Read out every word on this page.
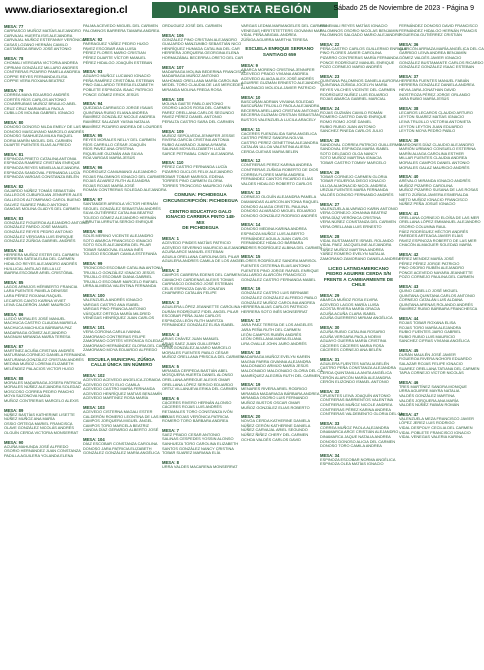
www.diariosextaregion.cl	DIARIO SEXTA REGIÓN	Sábado 25 de Noviembre de 2023 - Página 9
MESA: 77
CARRASCO MUÑOZ MATÍAS ALEJANDRO
CARVAJAL HUERTA ISIS ALEJANDRA
CARVAJAL MUÑOZ ESTEFANNY VERÓNICA
CASAS LOZANO HERNÁN CAMILO
CASTAÑEDA BRAVO JOSÉ ANTONIO
MESA: 78
CHOMALI VERGARA VICTORIA ANDREA
CIPRIANI GONZÁLEZ MILLARO ANDRES
CONTRERAS PIZARRO PAMELA ANDREA
COPPIE REYES FERNANDA ELISA
COPPIE VERA ROXANA BEATRIZ
MESA: 79
CORREA MAYA EDUARDO ANDRÉS
CORTÉS RÍOS CARLOS ANTONIO
COVARRUBIAS MUÑOZ BRAULIO ABEL
CRUZ CRUZ MARIANELA PAOLA
CUBILLOS MOLINA GABRIEL IGNACIO
MESA: 80
DONOSO DONOSO NILDA EMELY DE LAS M
DONOSO MASCAYANO MARCELO ANDRÉS
DONOSO SANHUEZA MILKA RAQUEL
DORIA MARÍN MIGUEL DEL CARMEN
DUARTE PUENTES ELIAS ALFREDO
MESA: 81
ESPINOZA PRIETO CATALINA ANTONIA
ESPINOZA RAMÍREZ CRISTIÁN ENRIQUE
ESPINOZA REYES NEMELIA ALEJANDRA
ESPINOZA SANDOVAL FERNANDA LUCÍA
ESPINOZA VARGAS CONSTANZA BELÉN
MESA: 82
GAJARDO NÚÑEZ TOMÁS SEBASTIÁN
GALLEGOS CUBURGUAN JENNIFER ALES
GALLEGOS ALTOMIRANO CAROL BUENO
GALVEZ SUAREZ PABLO ANTONIO
GANGAS MOLINA GLADYS DEL CARMEN
MESA: 83
GONZÁLEZ FIGUEROA ALEJANDRO ANTONIO
GONZÁLEZ PARDO JOSÉ MANUEL
GONZÁLEZ REYES PEDRO ANTONIO
GONZÁLEZ VERGARA LUIS ENRIQUE
GONZÁLEZ ZÚÑIGA GABRIEL ANDRÉS
MESA: 84
HERRERA MUÑOZ ESTER DEL CARMEN
HERRERA SATEIA ELBA DEL CARMEN
HIDALGO REYES ALEJANDRO ANDRÉS
HUILLICAL ANTILAO BELLA LIZ
IBARRA ESCOBAR ARIEL CRISTÓBAL
MESA: 85
LAGOS ARMIJOS HÉRIBERTO FRANCIA
LARA PUENTES PAMELA DENISSE
LARA PÉREZ ROXANA RAQUEL
LECAROS CANTO KARINA VIVIET
LEIVA CALDERÓN JAIME MAURICIO
MESA: 86
LLEDÓ MORALES JOSÉ MANUEL
MACHUCA CASTRO CLAUDIA MARIELA
MACHUCA MACHUCA BÁRBARA PAZ
MADARIAGA GÓMEZ ALEJANDRO
MAGNUM MIRANDA MARÍA TERESA
MESA: 87
MARTÍNEZ ACUÑA CRISTIAN ANDRÉS
MATURANA CORNEJO DANIELA FERNANDA
MATURANA GONZÁLEZ CRISTIAN ANDRÉS
MEDINA MUÑOZ LORENA ELIZABETH
MELÉNDEZ PALACIOS VICTOR HUGO
MESA: 88
MORALES MADARIAGA JOSEFA PATRICIA
MORALES NÚÑEZ ALEJANDRA SOLEDAD
MOSCOSO CORREA PEDRO PANCHO
MOYA SAZONOVA NADIA
MUÑOZ CONTRERAS MARCELO ALEXIS
MESA: 89
NÚÑEZ BASTÍAS KATHERINE LISETTE
NÚÑEZ MUÑOZ ANA MARÍA
OSSIO ORTEGA MARIEL FRANCISCA
OLAVE GONZÁLEZ NICOLÁS ANDRÉS
OLGUÍN CERDA VICTORIA MONSERRAT
MESA: 90
ACUÑA MAHUNDA JOSÉ ALFREDO
OSORIO HERNÁNDEZ JUAN CONSTANZA
PADILLA AGUILERA YOLANDA ELENA
PALMA ACEVEDO MIGUEL DEL CARMEN
PALOMINOS BARRERA TAMARA ANDREA
MESA: 92
PARRAGUEZ YÁÑEZ PEDRO HUGO
PAVEZ ESCOBAR ANA LUISA
PÉREZ FLORES MARIO CRISTIAN
PÉREZ DUARTE VÍCTOR MANUEL
PÉREZ HIDALGO JOAQUÍN ESTEBAN
MESA: 93
AGUAYO MUÑOZ LUCIANO IGNACIO
PEÑA RAMÍREZ CRISTÓBAL ESTEBAN
PINO GALLARDO TERESA ELIZABETH
POBLETE ESPINOZA ISAAC PATRICIO
PONCE GÓMEZ ERICK JESÚS
MESA: 94
QUEZADA CARRASCO JORGE ISAIAS
QUINTANA RUBIO ELIANA ANDREA
RAMÍREZ GONZÁLEZ NICOLE ANDREA
RAMÍREZ SALAZAR YASNA NATALIA
RAMÍREZ PIZARRO ANDREA DE LOURDES
MESA: 95
REYES MORALES NELLY DEL CARMEN
RÍOS CARRILLO CÉSAR JOAQUÍN
RÍOS PAVEZ ANA CRISTINA
RIQUELME GUZMÁN ANA SILVIA
ROA VARGAS MARÍA JESÚS
MESA: 96
RODRÍGUEZ CANIUMANGI ALEJANDRO
ROJAS PALOMINOS IGNACIO DEL CARMEN
ROJAS ÁLVAREZ RUTH ALEJANDRA
ROJAS ROJAS MARÍA JOSÉ
ROMÁN CONTRERAS SOLEDAD ALEJANDRA
MESA: 97
SANTANDER ARRIOLA VÍCTOR HERNÁN
SEGUEL GONZÁLEZ SEBASTIÁN ANDRÉS
SILVA GUTIÉRREZ CATALINA BEATRIZ
TOLEDO GÓMEZ ALEJANDRO HERNÁN
URRUTIA URRUTIA SERGIO ENRIQUE
MESA: 98
SOLÍS MERINO VICENTE ALEJANDRO
SOTO ABARCA FRANCISCO IGNACIO
SOTO SOLÍS ALEJANDRA DEL PILAR
TOBAR SANDOVAL ELIANA INÉS
TOLEDO ESCOBAR CAMILA ESTEFANÍA
MESA: 99
TRONCOSO ESCOBAR CATALINA ANTONIA
TRUJILLO GONZÁLEZ IGNACIO JESÚS
TRUJILLO ESCOBAR DIANA GABRIEL
TRUJILLO ESCOBAR MARCELO RAFAEL
URRA ALMEIDA VALENTINA FERNANDA
MESA: 100
VALENZUELA ANDRÉS IGNACIO
VARGAS CASTRO ANA ISABEL
VARGAS PINO FRANCIA ANTONIO
VÁSQUEZ ORTEGA MARÍA MILDRED
VENEGAS HENRÍQUEZ JUAN CARLOS
MESA: 101
VERA CORONA CARLA IVANNA
ZAMORANO CONTRERAS FELIPE
ZAMORANO CORTÉS VERÓNICA SOLEDAD
ZAMORANO HERNÁNDEZ GLORIA DEL CARMEN
ZAMORANO MOYA EDUARDO ALFREDO
ESCUELA MUNICIPAL ZÚÑIGA
CALLE ÚNICA SIN NÚMERO
MESA: 102
ACEVEDO ACEVEDO ANGELICA ZORAIDA
ACEVEDO DOTO ELIO CAMILA
ACEVEDO CASTRO MARÍA FERNANDA
ACEVEDO HENRÍQUEZ MATIAS BENJAMÍN
ACEVEDO MARTINEZ ROSA MARÍA
MESA: 103
ACEVEDO CISTERNA MAGALI ESTER
CALDERÓN ROMERO LEONTINA DE LAS MER
CAMPOS JORQUERA MIGUEL ÁNGEL
CAMPOS TORO MARCELA BEATRIZ
CANDIA DÍAZ GERARDO ALBERTO JOSÉ
MESA: 104
DÍAZ ESCOBAR CONSTANZA CAROLINA
DONOSO JARA PATRICIA ELIZABETH
GONZÁLEZ GONZÁLEZ MARÍA ANGÉLICA
ORDUGUEZ JOSÉ DEL CARMEN
MESA: 106
GONZÁLEZ PINO CRISTIAN ALEJANDRO
GUAJARDO MANZUMBO SEBASTIÁN NICO
HENRÍQUEZ HUMADA CATALINA DEL CAR
HERRERA JORQUERA GEORGINA ELENA
HORMAZÁBAL BECERRA LORETO DEL CAR
MESA: 107
MADARIAGA MOLINA BEDERINA FRANCISCA
MADARIAGA MUÑOZ ANTONIO
MAHOMAD ORELLANA MARÍA CAROLINA
MEDEL TORO CLAUDIA DE LAS MERCEDES
MIRANDA MOLINA FREDA ROSA
MESA: 108
MOLINA GAETE PABLO ANTONIO
OSORIO LAGOS ROSA DEL CARMEN
PAREZ ORELLANA CARLOS SEGUNDO
PAVEZ PÉREZ DANIEL ANTONIO
PERALTA CASTRO SARA DEL CARMEN
MESA: 109
MUÑOZ SEPÚLVEDA JENNIFER JESSIE
RIVERA GARCÍA CRISTINA ANTONIA
RUBIO ALVARADO JUANA AYMARA
SALINAS MOYA ELIZABETH LUCÍA
SARCE PETRABAL CINDY ALEJANDRA
MESA: 110
PÉREZ CASTRO FERNANDA LUCÍA
PIZARRO DUCLOS FELIX ALEJANDRO
TOBAR TOBAR MARISOL EDENIA
TORRES PINO CARMEN GLORIA
TORRES TRONCOSO MAURICIO IVÁN
COMUNA: PICHIDEGUA
CIRCUNSCRIPCIÓN: PICHIDEGUA
CENTRO EDUCATIVO GALO
IGNACIO CARRERA PINTO 148-MIX
DE PICHIDEGUA
MESA: 1
ACEVEDO PINDES MATÍAS PATRICIO
ACEVEDO SEVERINO MAURICIO ALEJANDRO
ACUÑA ARCE MANUEL ESTEBAN
AGUILA ORELLANA CAROLINA DEL PILAR
AGUILERA ANDRES CAMILA DE LOS ANGEL
MESA: 2
CAMPOS CABRERA EDENIS DEL CARMEN
CAMACHO CARDENAS ALEXIS TOMAS
CARRASCO DONOSO JOSÉ ESTEBAN
CELIS ESPINOZA DAVID JONATAN
CHAPARRO CATALÁN FELIPE
MESA: 3
AGUILERA LÓPEZ JEANNETTE CAROLINA
DURÁN RODRÍGUEZ FIDEL ANGEL PILAR
ESCOBAR PEÑA JUAN CARLOS
ESPINOZA LEÓN RUTH MARITZA
FERNÁNDEZ GONZÁLEZ ELISA ISABEL
MESA: 4
ARIAS CHÁVEZ JUAN MANUEL
ARIAS SAEZ JUAN GUILLERMO
LEIVA GONZÁLEZ ALVARO MARCELO
MORALES FUENTES PABLO CÉSAR
MUÑOZ ORELLANA PRISCILA DEL CARMEN
MESA: 5
MIRANDA CERPEDA BASTIÁN ABEL
MOSQUERA HUERTA DANIEL ALONSO
ORELLANA ARREGUE ALEXIS OMAR
ORELLANA LÓPEZ SERGIO EDUARDO
ORTIZ VILLANUEVA ERIKA DEL CARMEN
MESA: 6
CÁCERES RIVERO HERNÁN ALONSO
CÁCERES ROJAS LUIS ANDRÉS
RETAMALES TORO CONSTANZA IVÓN
ROJAS ROJAS VERÓNICA PATRICIA
ROMERO TORO BÁRBARA ANDREA
MESA: 7
SAEZ PRADO CESAR ANTONIO
SALINAS CESPEDES YOSSIN ALONSO
SANHUEZA TORO CAROLINA ELIZABETH
SANTOS GONZÁLEZ NANCY CRISTINA
TOBAR SUAREZ MARIANA ELÍA
MESA: 8
URRA VALDES MACARENA MONSERRAT
VARGAS LEDMA MARIANGELES DEL CARMEN
VENEGAS HERITSTETTERS GIOVANNI MAR
VIDAL PEÑA ABIGAIL ANDREA
ZÚÑIGA AGUIRRA MARTHA TERESA
ESCUELA ENRIQUE SERRANO
SANTIAGO 659
MESA: 9
ABARCA MORENO CRISTINA JENNIFER
ACEVEDO PRADO VIVIANA ANDREA
ACEVEDO ALIAGA ALEX JOSÉ ANDRÉS
AGUIRRE GUZMÁN ERNESTO ALEJANDRO
ALMONACID MOLIOLA JAVIER PATRICIO
MESA: 10
BASCUÑÁN ADRIAN VIVIANA SOLEDAD
BASCUÑÁN TRUJILLO PAOLA ALEJANDRA
BECERRA ARELLANO CRISTIAN ANTONIO
BECERRA GUZMÁN CRISTIAN SEBASTIÁN
BUSTOS VALENZUELA LUCILA ARACELY
MESA: 11
CACERES FUENZALIDA SARA ANGELICA
CASTRO PÉREZ SANDRA NOLVIA
CASTRO PEREZ GENETTINA ALEJANDRA
CATALÁN ULLOA VALENTINA ALIESIA
CERDA CUEVAS MARIA BELEN
MESA: 12
CONTRERAS PEREZ KARINA ANDREA
CONTRERAS ZUÑIGA ROBERTO DE DIOS
CORREA FLORES MARÍA ANDREA
FERNÁNDEZ CANTOS RICARDO ELÍAS
VALDES HIDALGO ROBERTO CARLOS
MESA: 13
CORNEJO OLGUÍN ALEJANDRA PAMELA
DIAMANDAS ALARCON ANTONIA RAQUEL
DONOSO ALIAGA CRISTEL PAULINA
DONOSO ALVARADO MIGUEL EDUARDO
DONOSO GONZÁLEZ RODRIGO ANDRÉS
MESA: 14
DONOSO MEDINA KARINA ANDREA
ESPINOZA MUÑOZ LUIS ALBERTO
FERNÁNDEZ AGUILA JUAN CARLOS
FERNÁNDEZ HIDALGO BÁRBARA
FLORES RODRÍGUEZ ALBINA DEL CARMEN
MESA: 15
FLORES RODRÍGUEZ SANDRA MARISOL
FUENTES CISTERNA ELIAS ANTONIO
FUENTES PINO JORGE RAFAEL ENRIQUE
GALLARDO ALARCÓN FRANCISCO
GONZÁLEZ CASTRO FERNANDA MABEL
MESA: 16
GONZÁLEZ CASTRO LUIS BERNABE
GONZÁLEZ GONZÁLEZ ALFREDO PABLO
GONZÁLEZ MUÑOZ CAROLINA ANDREA
HERRERA ALIAS CARLOS PATRICIO
HERRERA SOTO INÉS MONSERRAT
MESA: 17
JARA PAEZ TERESA DE LOS ANGELES
JARA PEÑA RUTH DEL CARMEN
LEÓN CAMPOS RUBÉN ANDRÉS
LEÓN ORELLANA MARIA ELIANA
LIRA OVALLE JOHN JAIRO ANDRÉS
MESA: 18
MADARIAGA MUÑOZ EVELYN KAREN
MAGNA PARRA GIVANNA ALEJANDRA
MALDONADO ARMIJO MARÍA JESÚS
MALDONADO MALDONADO GLORIA DEL CA
MANRÍQUEZ ALEGRÍA RUTH DEL CARMEN
MESA: 19
MENARES RIVERA ARIEL RODRIGO
MIRANDA MADARIAGA BÁRBARA ANDREA
MIRANDA OSORIO LUIS FERNANDO
MUÑOZ BUSTOS OSCAR OMAR
MUÑOZ GONZÁLEZ ELIAS ROBERTO
MESA: 20
NOVOA CERDA KATHERINE DANIELA
NÚÑEZ CERÓN KATHERINE DANIELA
NÚÑEZ CARVAJAL ARIEL SEGUNDO
NÚÑEZ ÑIÑEZ CHERY DEL CARMEN
OCHOA VALDÉS CARLOS DAVID
PAINEMALI REYES MATÍAS IGNACIO
PALOMINOS OSORIO NICOLAS BENJAMIN
PALOMINOS SALGADO MARIO ALEJANDRO
MESA: 22
PEÑA CASTRO CARLOS GUILLERMO ENRIQUE
PINO FLORES JAVIER CAROLINA
PIZARRO CONTRERAS MARÍA FERNANDA
PONCE RODRÍGUEZ MANUEL ENRIQUE
POZO CORNEJO MARIO ANDRÉS
MESA: 23
QUINTANA PALOMINOS DANIELA AURORA
QUINTANA ZÚÑIGA JOCELYN MARÍA
REYES VILCHES VICENTE DEL CARMEN
RODRÍGUEZ NUÑEZ LUIS EDUARDO
ROJAS ABARCA GABRIEL MARCIAL
MESA: 24
ROJAS GUZMÁN CAMILO ROMÁN
ROMERO CASTRO DAVID ENRIQUE
ROMO ROMO JOSÉ DANIEL
RUBIO RUBIO JUAN ANTONIO
SANCHEZ PINEDA CARLOS JULIO
MESA: 25
SANDOVAL CORREA PATRICIO GUILLERMO
SANDOVAL ESPINOZA MARÍA ISABEL
SOTO DELGADO OLGA NANCY
SOTO MUÑOZ MARTINA IGNACIA
TOBAR CASTRO TOMMY MARCELO
MESA: 26
TOBAR CORNEJO CARMEN GLORIA
TOBAR FIGUEROA DIEGO IGNACIO
ULLOA ALMONACID NICOL ANDREA
URZÚA FUENTES MARÍA FERNANDA
VALDÉS DONOSO FERNANDO ANDRÉS
MESA: 27
VALENZUELA ALVARADO KARIN ANTONIO
VERA CORNEJO JOHANNA BEATRIZ
VERA DÍAZ VERÓNICA CRISTINA
VERA NÚÑEZ CONSTANZA DEL CARMEN
VERA ORELLANA LUIS ERNESTO
MESA: 28
VIDAL BUSTAMANTE ISRAEL ROLANDO
VIDAL PAEZ JACQUELINE ALEJANDRA
YÁÑEZ MUÑOZ MARTINA ANDREA
YÁÑEZ ROMERO EVELYN NATALIA
ZAMORANO ZAMORANO DANIELA ANDREA
LICEO LATINOAMERICANO
PEDRO AGUIRRE CERDA S/N
FRENTE A CAMBIARMENTE DE CHILE
MESA: 29
ABARCA MUÑOZ ROSA ELVIRA
ACEVEDO LAGOS MARÍA LUISA
ACOSTA RIVERA MARÍA GRACIA
ACUÑA ACUÑA CLARA ISABEL
ACUÑA GUERRERO MIRIAM ANGÉLICA
MESA: 30
ACUÑA RUBIO CATALINA ROSARIO
ACUÑA VERGARA PAOLA NOEMI
AGUAYO GUERRA MARÍA CRISTINA
CÁCERES CÁCERES MARIA ROSA
CÁCERES CORNEJO ANA BELÉN
MESA: 31
AGUILERA FUENTES NATALIA BELÉN
CASTRO PEÑA CONSTANZA ALEJANDRA
CERDA QUINTANILLA ANITA ANGÉLICA
CERÓN ALARCÓN MARÍA ALEJANDRA
CERÓN ELIZONDO ISMAEL ANTONIO
MESA: 32
CIFUENTES LEIVA JOAQUÍN ANTONIO
CONTRERAS BARRIENTOS VALENTINA
CONTRERAS MUÑOZ NICOLE ANDREA
CONTRERAS PÉREZ KARINA ANDREA
CONTRERAS VALDEBENITO GLORIA DEL CA
MESA: 33
CORREA MUÑOZ PAOLA ALEJANDRA
DINAMARCA ARCE CRISTIÁN ALEJANDRO
DINAMARCA JAQUE NATALIA ANDREA
DONOSO DONOSO ALICIA DEL CARMEN
DONOSO TORO CAMILA ANDREA
MESA: 34
ESPINOZA ESCOBAR NORMA ANGÉLICA
ESPINOZA OLEA MATÍAS IGNACIO
FERNÁNDEZ DONOSO DAVID FRANCISCO
FERNÁNDEZ HIDALGO HERNÁN FRANCIS
FIGUEROA GUTIÉRREZ CRISTIÁN
MESA: 36
ALARCÓN ARRIAZA MARÍA ANGÉLICA DEL CA
GARRIDO LEIVA ANDREA BENJAMÍN
GÓMEZ VALDÉS JAVIER IGNACIO
GONZÁLEZ BUSTAMANTE CARLOS RICARDO
GONZÁLEZ GONZÁLEZ ISAAC ESTEBAN
MESA: 37
HERRERA FUENTES MANUEL FABIÁN
HERRERA GONZÁLEZ DANIELA ANDREA
HEVIA JARA JONATHAN DAVID
INOSTROZA PÉREZ JORGE ORLANDO
JARA RUBIO MARÍA JESÚS
MESA: 38
LECAROS LECAROS CLAUDIO ARTURO
LEYTON SUAREZ MATÍAS IGNACIO
LEIVA TRUJILLO VICTORIA ANTONIETA
LEYTON LEYTON JUAN EDUARDO
LEYTON MOYA PEDRO PABLO
MESA: 39
MARDONES DÍAZ CLAUDIO ALEJANDRO
MARIÓN URBANO CONSUELO ESTERINA
MARÍN ALIAGA CAROLINA ESTHER
MILLAR FUENTES CLAUDIA ANDREA
MORALES CAMPOS DANIEL ANTONIO
MORALES GALAZ MAURICIO ANDRÉS
MESA: 40
ARÉVALO MIRANDA IGNACIO ANDRÉS
MUÑOZ PIZARRO CAROLINA
MUÑOZ PIZARRO SUSANA DE LAS ROSAS
NIETO ZÚÑIGA JAVIERA ESMERALDA
NIETO MUÑOZ IGNACIO FRANCISCO
NÚÑEZ PEÑA JOSUÉ IGNACIO
MESA: 41
ORELLANA CORNEJO ELOÍSA DE LAS MER
ORELLANA LÓPEZ EMMANUEL ALEJANDRO
OSORIO COLUMNA RAUL
PÁEZ RODRÍGUEZ HÉCTOR ANDRÉS
PAREDES ARTEAGA JAVIER ELÍAS
PAVEZ ESPINOZA ROBERTO DE LAS MER
CHACÓN ALMAGUER SOLEDAD MARÍA
MESA: 42
PÉREZ MENDEZ MARÍA JOSÉ
PÉREZ PÉREZ JORGE PATRICIO
PINO OSORIO RUBÉN ALEJANDRO
PONCE ACEVEDO NAYARA JEANNETTE
POZO CORNEJO PAULINA DEL CARMEN
MESA: 43
QUINO CABELLO JOSÉ MIGUEL
QUINTANA QUINTANA CARLOS ANTONIO
CORNEJO CATALÁN LUIS ALDANA
QUINTANA ARENAS ROLANDO ANDRÉS
RAMÍREZ RUBIO BÁRBARA FRANCHESCA
MESA: 44
ROJAS TOBAR ROXANA ELISA
ROJAS TORO MARÍA ALEJANDRA
RUBIO FUENTES JAIRO GABRIEL
RUBIO RUBIO LUIS MAURICIO
SANCHEZ CIFRAS VIVIANA ANGÉLICA
MESA: 45
DURÁN MAULÉN JOSÉ JAVIER
FIGUEROA RIVERA NOHORI EDUARDO
SALAZAR ROJAS FELIPE IGNACIO
SUAREZ ORELLANA TATIANA DEL CARMEN
TAPIA CORNEJO VÍCTOR NICOLÁS
MESA: 46
TRES MARTÍNEZ SANDRA MONIQUE
URRA AGUIRRE MAYRA NATALIA
VALDÉS GONZÁLEZ MARTINA
VALDÉS JORQUERA ANA MARÍA
VALDÉS NÚÑEZ FABIÁN ROMÁN
MESA: 47
VALENZUELA MEZA FRANCISCO JAVIER
LÓPEZ JEREZ LUIS RODRIGO
VIDAL DESPOUY CECILIA DEL CARMEN
VIDAL POBLETE FRANCISCO IGNACIO
VIDAL VENEGAS VALERIA KARINA
